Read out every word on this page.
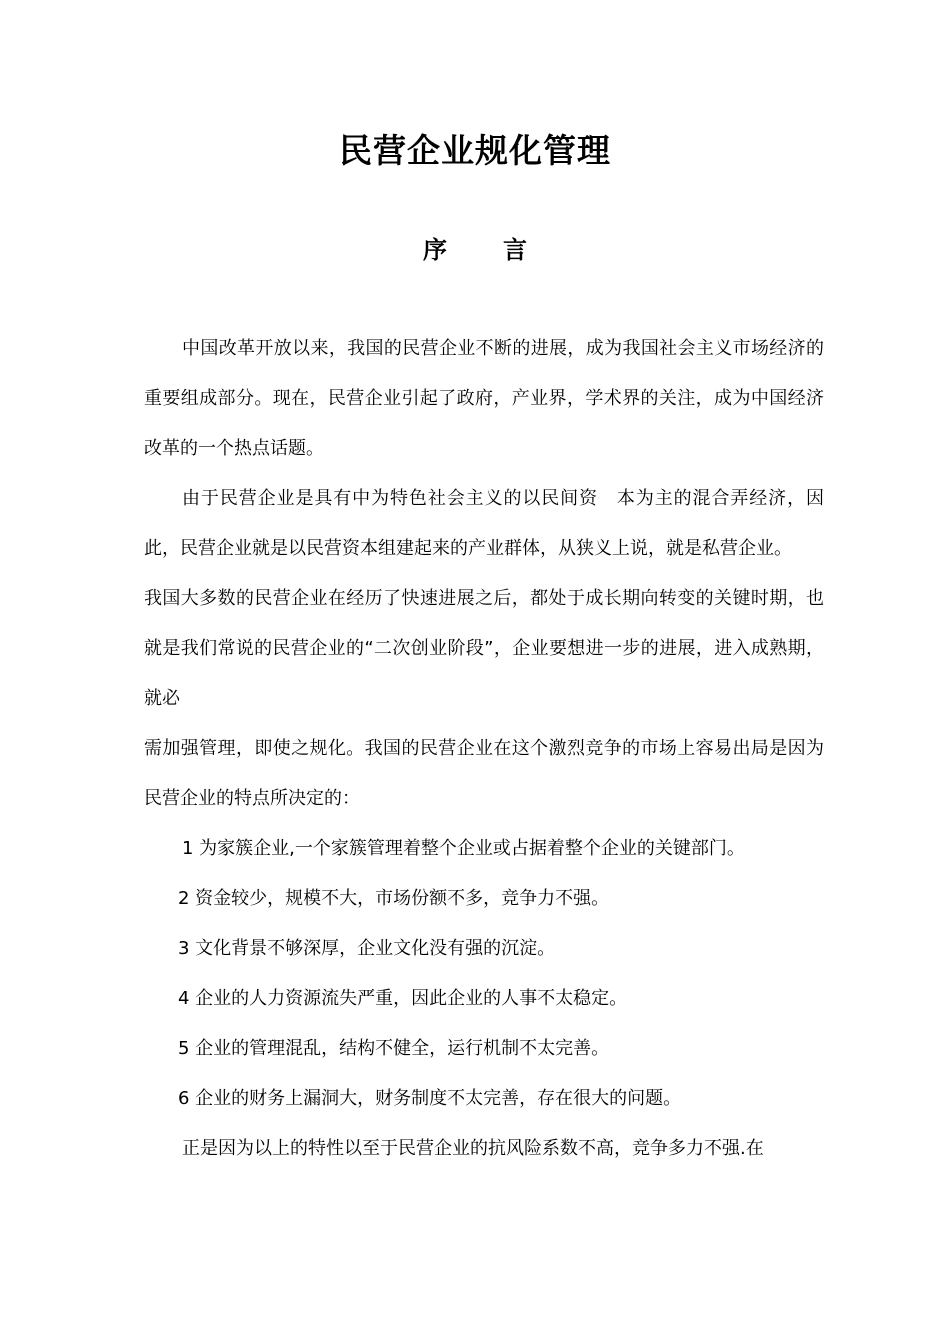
民营企业规化管理
序 言

中国改革开放以来，我国的民营企业不断的进展，成为我国社会主义市场经济的重要组成部分。现在，民营企业引起了政府，产业界，学术界的关注，成为中国经济改革的一个热点话题。

由于民营企业是具有中为特色社会主义的以民间资　本为主的混合弄经济，因此，民营企业就是以民营资本组建起来的产业群体，从狭义上说，就是私营企业。

我国大多数的民营企业在经历了快速进展之后，都处于成长期向转变的关键时期，也就是我们常说的民营企业的“二次创业阶段”，企业要想进一步的进展，进入成熟期，就必

需加强管理，即使之规化。我国的民营企业在这个激烈竞争的市场上容易出局是因为民营企业的特点所决定的：

1 为家簇企业,一个家簇管理着整个企业或占据着整个企业的关键部门。

2 资金较少，规模不大，市场份额不多，竞争力不强。

3 文化背景不够深厚，企业文化没有强的沉淀。

4 企业的人力资源流失严重，因此企业的人事不太稳定。

5 企业的管理混乱，结构不健全，运行机制不太完善。

6 企业的财务上漏洞大，财务制度不太完善，存在很大的问题。

正是因为以上的特性以至于民营企业的抗风险系数不高，竞争多力不强.在
